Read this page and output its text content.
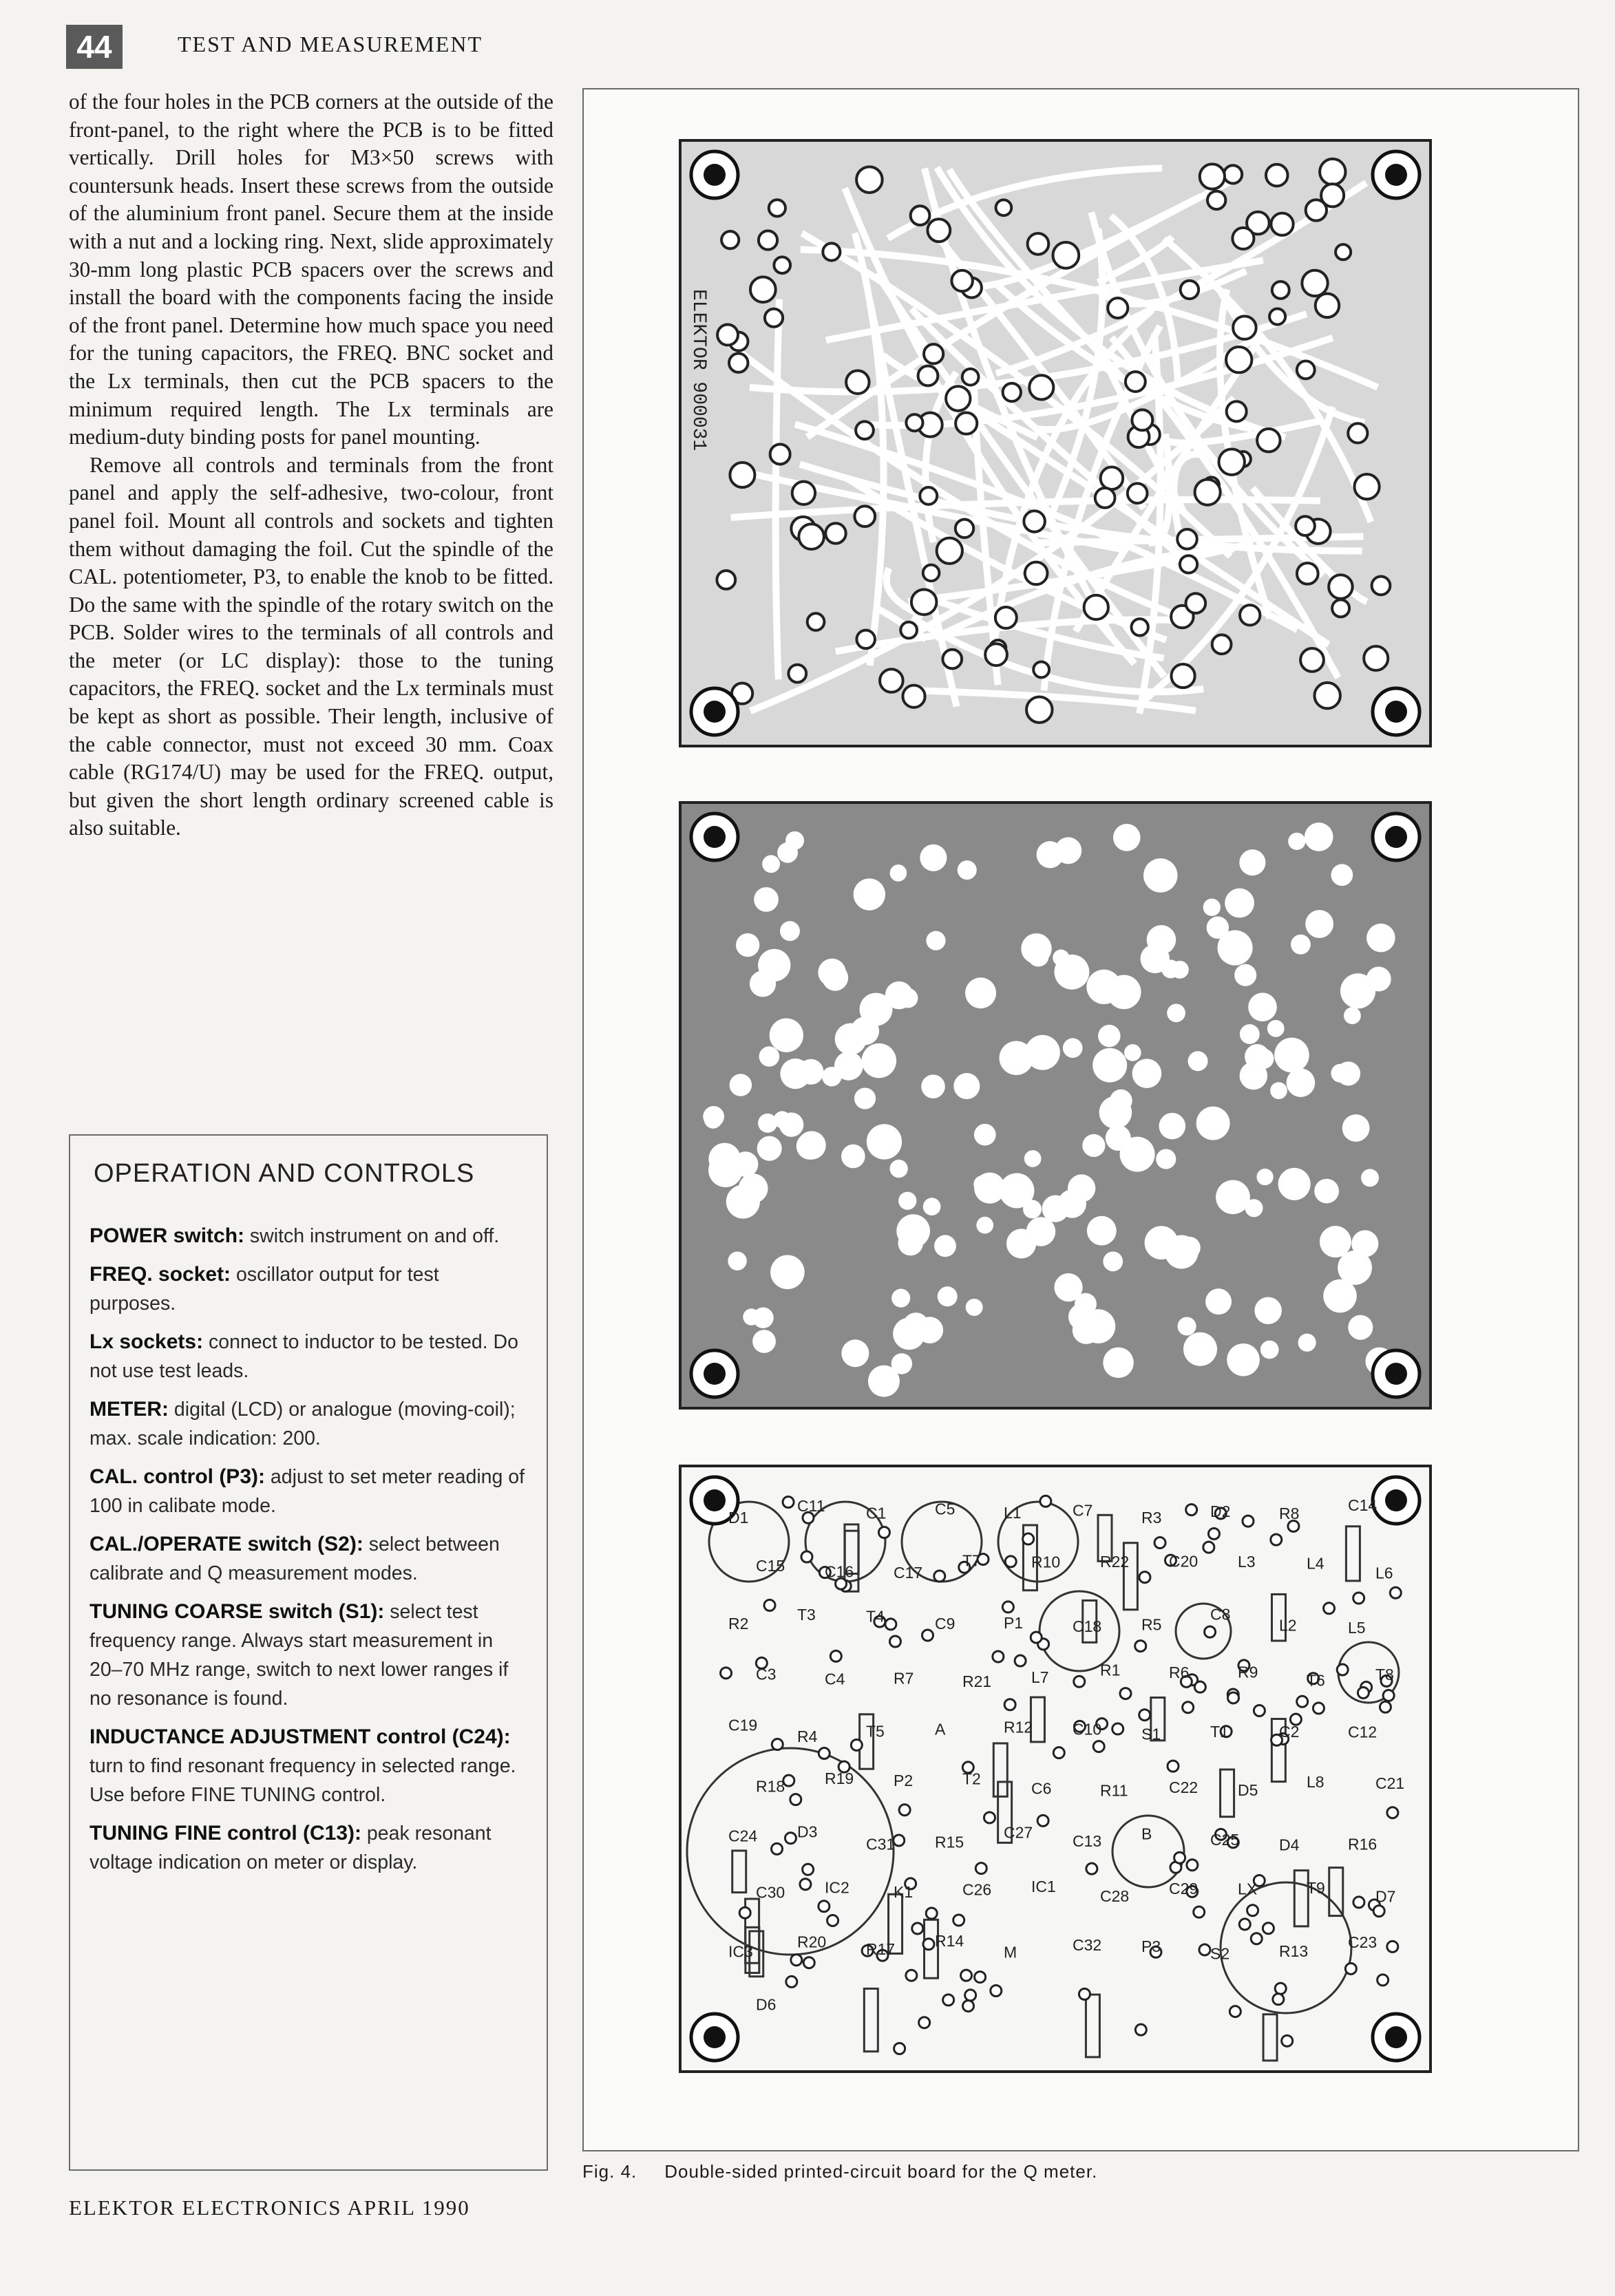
44	TEST AND MEASUREMENT

of the four holes in the PCB corners at the outside of the front-panel, to the right where the PCB is to be fitted vertically. Drill holes for M3×50 screws with countersunk heads. Insert these screws from the outside of the aluminium front panel. Secure them at the inside with a nut and a locking ring. Next, slide approximately 30-mm long plastic PCB spacers over the screws and install the board with the components facing the inside of the front panel. Determine how much space you need for the tuning capacitors, the FREQ. BNC socket and the Lx terminals, then cut the PCB spacers to the minimum required length. The Lx terminals are medium-duty binding posts for panel mounting.

Remove all controls and terminals from the front panel and apply the self-adhesive, two-colour, front panel foil. Mount all controls and sockets and tighten them without damaging the foil. Cut the spindle of the CAL. potentiometer, P3, to enable the knob to be fitted. Do the same with the spindle of the rotary switch on the PCB. Solder wires to the terminals of all controls and the meter (or LC display): those to the tuning capacitors, the FREQ. socket and the Lx terminals must be kept as short as possible. Their length, inclusive of the cable connector, must not exceed 30 mm. Coax cable (RG174/U) may be used for the FREQ. output, but given the short length ordinary screened cable is also suitable.

OPERATION AND CONTROLS

POWER switch: switch instrument on and off.

FREQ. socket: oscillator output for test purposes.

Lx sockets: connect to inductor to be tested. Do not use test leads.

METER: digital (LCD) or analogue (moving-coil); max. scale indication: 200.

CAL. control (P3): adjust to set meter reading of 100 in calibate mode.

CAL./OPERATE switch (S2): select between calibrate and Q measurement modes.

TUNING COARSE switch (S1): select test frequency range. Always start measurement in 20–70 MHz range, switch to next lower ranges if no resonance is found.

INDUCTANCE ADJUSTMENT control (C24): turn to find resonant frequency in selected range. Use before FINE TUNING control.

TUNING FINE control (C13): peak resonant voltage indication on meter or display.

ELEKTOR 900031
D1
C11	C1	C5	L1	C7	R3	D2	R8	C14
C15	C16	C17
T7	R10	R22	C20	L3	L4
L6
R2
T3	T4	C9	P1	C18	R5
C8
L2	L5
C3	C4	R7	R21	L7	R1	R6	R9	T6	T8
C19
R4	T5	A	R12	C10	S1	T1	C2	C12
R18	R19	P2	T2
C6	R11	C22	D5	L8	C21
C24	D3
C31	R15
C27	C13	B	C25	D4	R16
C30	IC2	K1	C26	IC1
C28	C29	LX	T9	D7
IC3
R20	R17	R14
M	C32	P3	S2	R13
C23
D6
Fig. 4. Double-sided printed-circuit board for the Q meter.
ELEKTOR ELECTRONICS APRIL 1990
